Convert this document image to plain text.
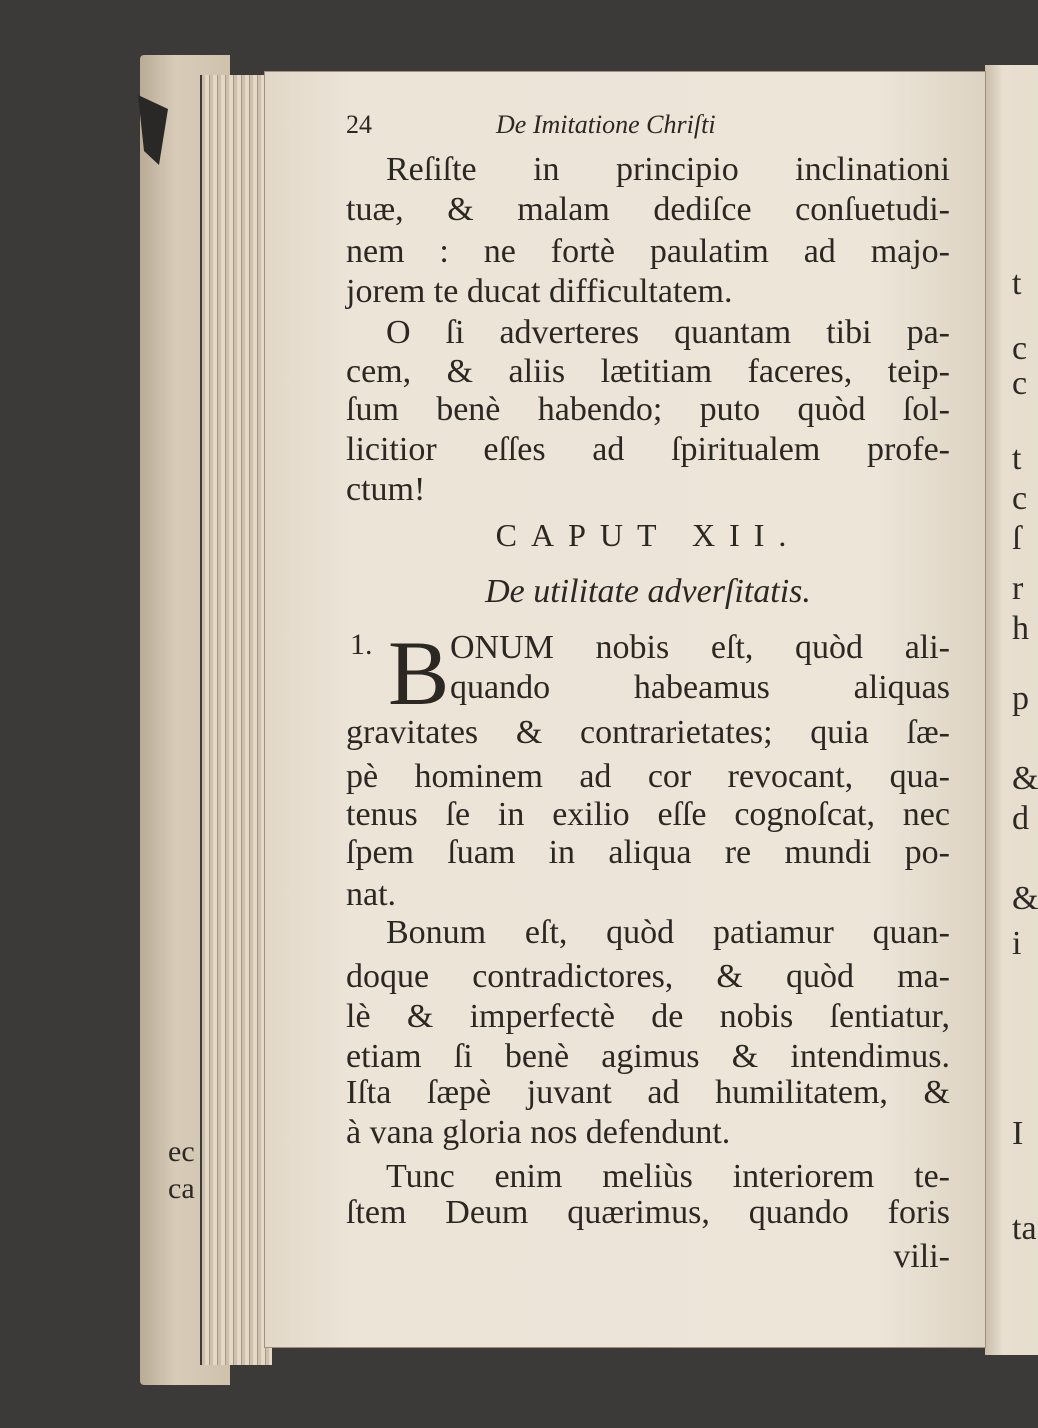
ec
ca
t
c
c
t
c
ſ
r
h
p
&
d
&
i
I
ta
24	De Imitatione Chriſti
Reſiſte in principio inclinationi
tuæ, & malam dediſce conſuetudi-
nem : ne fortè paulatim ad majo-
jorem te ducat difficultatem.
O ſi adverteres quantam tibi pa-
cem, & aliis lætitiam faceres, teip-
ſum benè habendo; puto quòd ſol-
licitior eſſes ad ſpiritualem profe-
ctum!
ONUM nobis eſt, quòd ali-
quando habeamus aliquas
gravitates & contrarietates; quia ſæ-
pè hominem ad cor revocant, qua-
tenus ſe in exilio eſſe cognoſcat, nec
ſpem ſuam in aliqua re mundi po-
nat.
Bonum eſt, quòd patiamur quan-
doque contradictores, & quòd ma-
lè & imperfectè de nobis ſentiatur,
etiam ſi benè agimus & intendimus.
Iſta ſæpè juvant ad humilitatem, &
à vana gloria nos defendunt.
Tunc enim meliùs interiorem te-
ſtem Deum quærimus, quando foris
vili-
CAPUT XII.
De utilitate adverſitatis.
1. B
